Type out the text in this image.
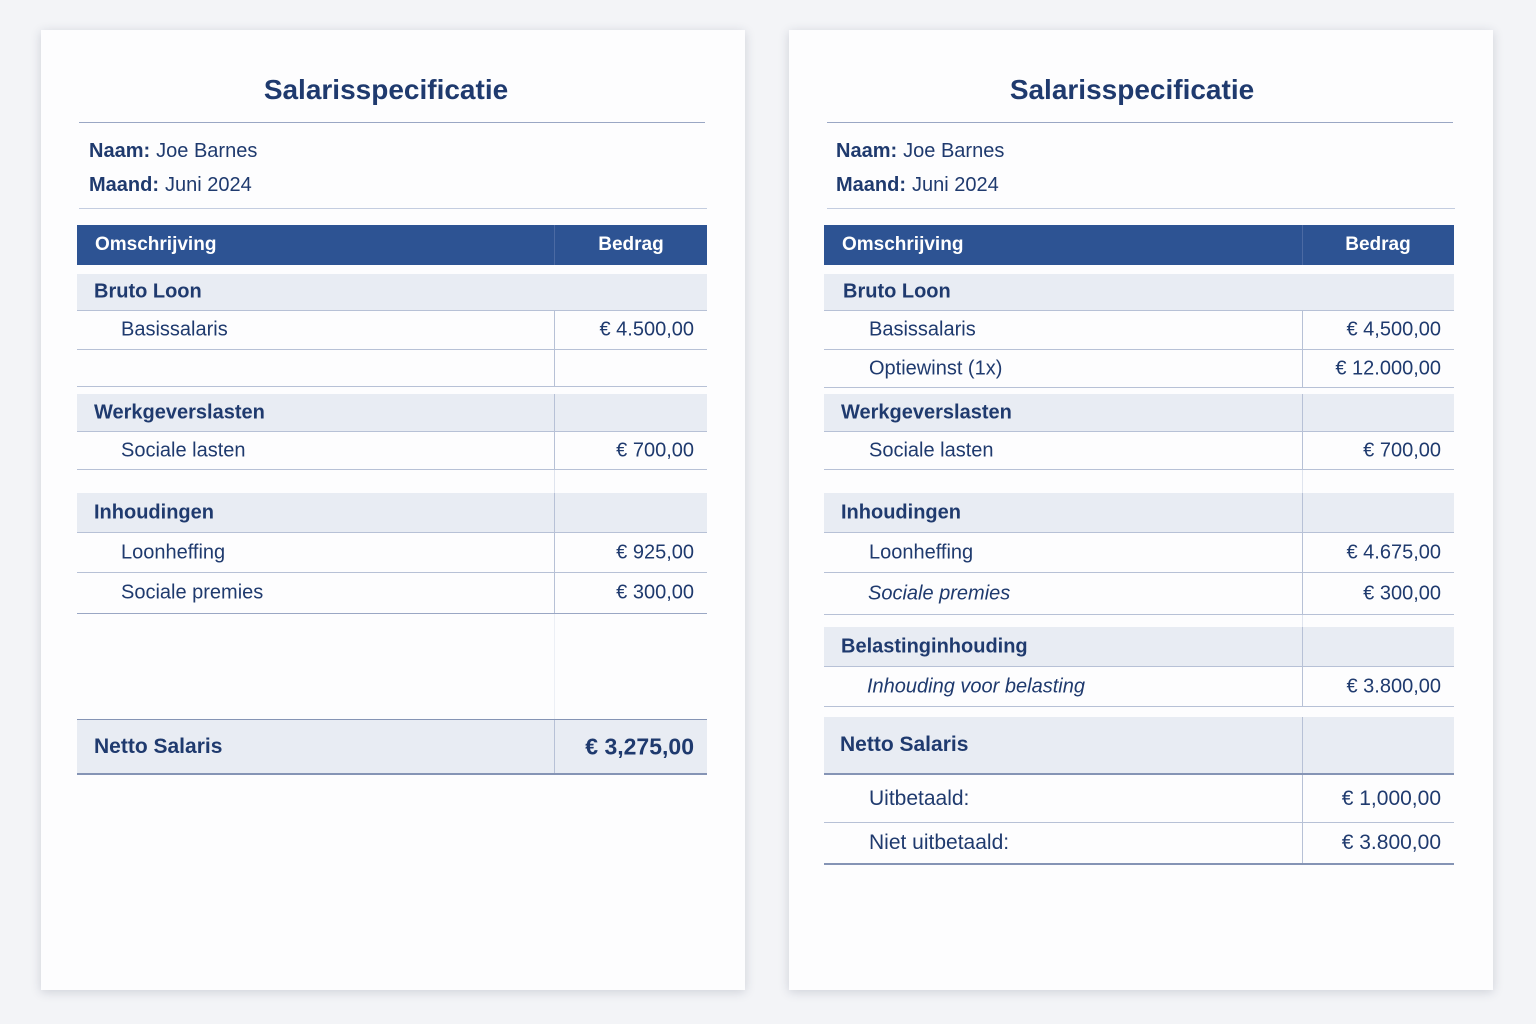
Salarisspecificatie
Naam: Joe Barnes
Maand: Juni 2024
Omschrijving	Bedrag
Bruto Loon
Basissalaris	€ 4.500,00
Werkgeverslasten
Sociale lasten	€ 700,00
Inhoudingen
Loonheffing	€ 925,00
Sociale premies	€ 300,00
Netto Salaris	€ 3,275,00
Salarisspecificatie
Naam: Joe Barnes
Maand: Juni 2024
Omschrijving	Bedrag
Bruto Loon
Basissalaris	€ 4,500,00
Optiewinst (1x)	€ 12.000,00
Werkgeverslasten
Sociale lasten	€ 700,00
Inhoudingen
Loonheffing	€ 4.675,00
Sociale premies	€ 300,00
Belastinginhouding
Inhouding voor belasting	€ 3.800,00
Netto Salaris
Uitbetaald:	€ 1,000,00
Niet uitbetaald:	€ 3.800,00
